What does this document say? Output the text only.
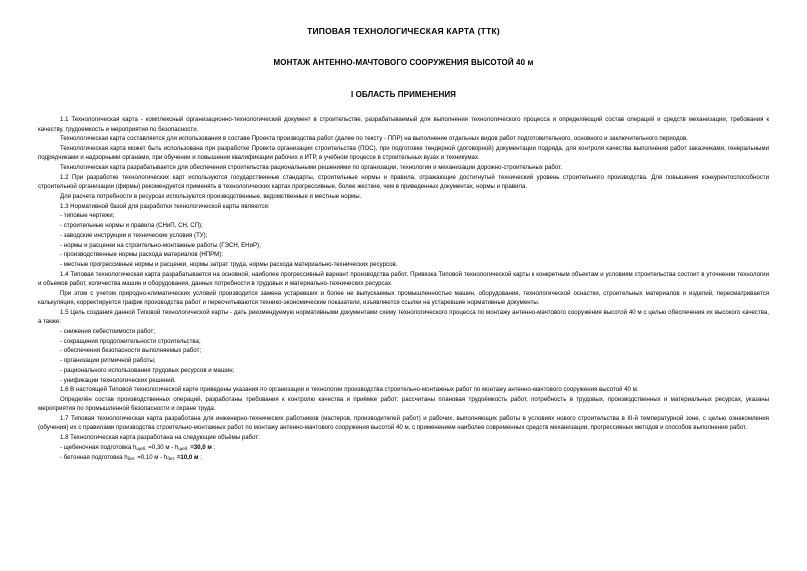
ТИПОВАЯ ТЕХНОЛОГИЧЕСКАЯ КАРТА (ТТК)
МОНТАЖ АНТЕННО-МАЧТОВОГО СООРУЖЕНИЯ ВЫСОТОЙ 40 м
I ОБЛАСТЬ ПРИМЕНЕНИЯ

1.1 Технологическая карта - комплексный организационно-технологический документ в строительстве, разрабатываемый для выполнения технологического процесса и определяющий состав операций и средств механизации, требования к качеству, трудоемкость и мероприятия по безопасности.

Технологическая карта составляется для использования в составе Проекта производства работ (далее по тексту - ППР) на выполнение отдельных видов работ подготовительного, основного и заключительного периодов.

Технологическая карта может быть использована при разработке Проекта организации строительства (ПОС), при подготовке тендерной (договорной) документации подряда, для контроля качества выполнения работ заказчиками, генеральными подрядчиками и надзорными органами, при обучении и повышении квалификации рабочих и ИТР, в учебном процессе в строительных вузах и техникумах.

Технологическая карта разрабатывается для обеспечения строительства рациональными решениями по организации, технологии и механизации дорожно-строительных работ.

1.2 При разработке технологических карт используются государственные стандарты, строительные нормы и правила, отражающие достигнутый технический уровень строительного производства. Для повышения конкурентоспособности строительной организации (фирмы) рекомендуется применять в технологических картах прогрессивные, более жесткие, чем в приведенных документах, нормы и правила.

Для расчета потребности в ресурсах используются производственные, ведомственные и местные нормы.

1.3 Нормативной базой для разработки технологической карты являются:

- типовые чертежи;

- строительные нормы и правила (СНиП, СН, СП);

- заводские инструкции и технические условия (ТУ);

- нормы и расценки на строительно-монтажные работы (ГЭСН, ЕНиР);

- производственные нормы расхода материалов (НПРМ);

- местные прогрессивные нормы и расценки, нормы затрат труда, нормы расхода материально-технических ресурсов.

1.4 Типовая технологическая карта разрабатывается на основной, наиболее прогрессивный вариант производства работ. Привязка Типовой технологической карты к конкретным объектам и условиям строительства состоит в уточнении технологии и объемов работ, количества машин и оборудования, данных потребности в трудовых и материально-технических ресурсах.

При этом с учетом природно-климатических условий производится замена устаревших и более не выпускаемых промышленностью машин, оборудования, технологической оснастки, строительных материалов и изделий, пересматривается калькуляция, корректируется график производства работ и пересчитываются технико-экономические показатели, изъявляются ссылки на устаревшие нормативные документы.

1.5 Цель создания данной Типовой технологической карты - дать рекомендуемую нормативными документами схему технологического процесса по монтажу антенно-мачтового сооружения высотой 40 м с целью обеспечения их высокого качества, а также:

- снижения себестоимости работ;

- сокращения продолжительности строительства;

- обеспечения безопасности выполняемых работ;

- организации ритмичной работы;

- рационального использования трудовых ресурсов и машин;

- унификации технологических решений.

1.6 В настоящей Типовой технологической карте приведены указания по организации и технологии производства строительно-монтажных работ по монтажу антенно-мачтового сооружения высотой 40 м.

Определён состав производственных операций, разработаны требования к контролю качества и приёмке работ; рассчитаны плановая трудоёмкость работ, потребность в трудовых, производственных и материальных ресурсах, указаны мероприятия по промышленной безопасности и охране труда.

1.7 Типовая технологическая карта разработана для инженерно-технических работников (мастеров, производителей работ) и рабочих, выполняющих работы в условиях нового строительства в III-й температурной зоне, с целью ознакомления (обучения) их с правилами производства строительно-монтажных работ по монтажу антенно-мачтового сооружения высотой 40 м, с применением наиболее современных средств механизации, прогрессивных методов и способов выполнения работ.

1.8 Технологическая карта разработана на следующие объёмы работ:

- щебеночная подготовка $h_{щеб.} =0,30$ $м - h_{щеб.} =30,0$ м ;

- бетонная подготовка $h_{бет.} =0,10$ $м - h_{бет.} =10,0$ м ;
